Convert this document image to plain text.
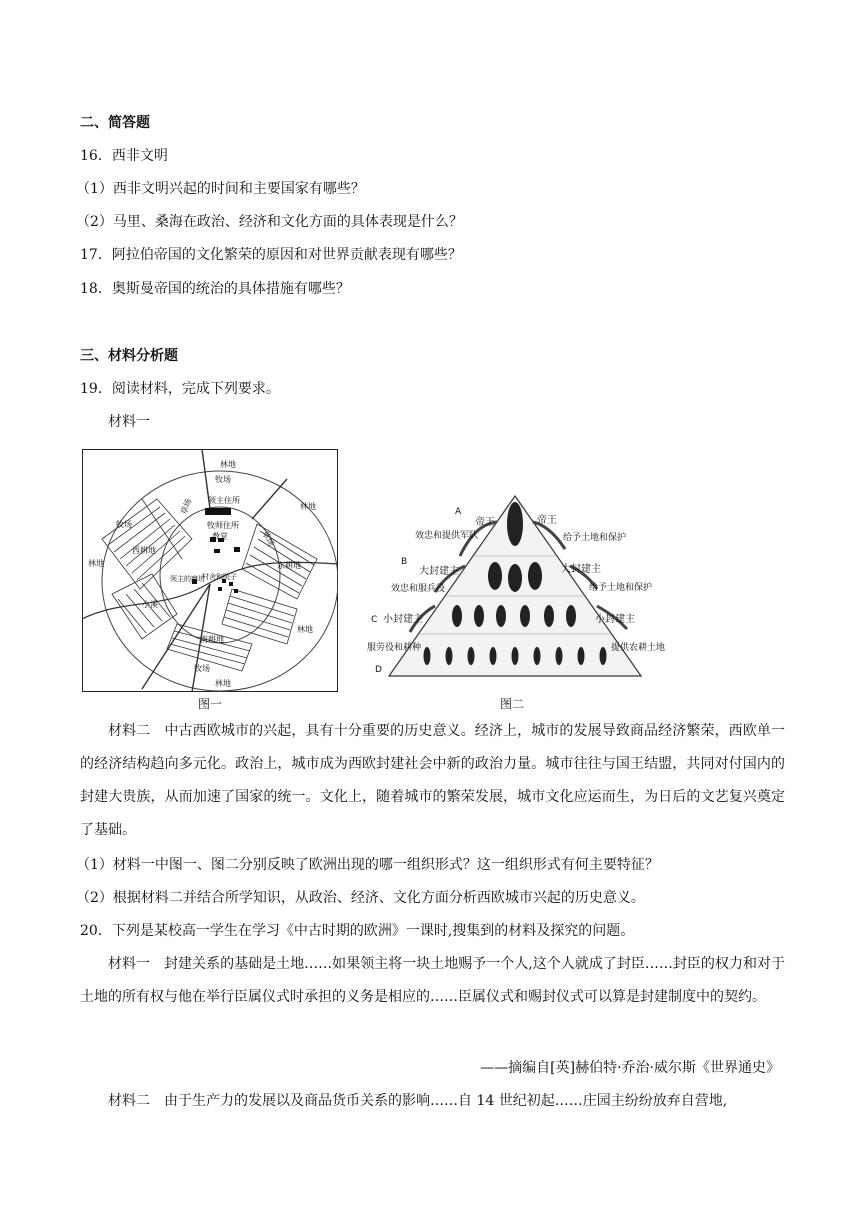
二、简答题
16．西非文明
（1）西非文明兴起的时间和主要国家有哪些？
（2）马里、桑海在政治、经济和文化方面的具体表现是什么？
17．阿拉伯帝国的文化繁荣的原因和对世界贡献表现有哪些？
18．奥斯曼帝国的统治的具体措施有哪些？
三、材料分析题
19．阅读材料，完成下列要求。
材料一
林地
牧场
领主住所
草场
牧师住所
教堂	草场
林地
牧场
西耕地
林地	东耕地
领主的磨坊
村舍和院子
小溪
林地
南耕地
牧场
林地
图一
A
B
C
D
效忠和提供军队
帝王	帝王
给予土地和保护
大封建主	大封建主
效忠和服兵役	给予土地和保护
小封建主	小封建主
提供农耕土地
服劳役和耕种
图二
材料二　中古西欧城市的兴起，具有十分重要的历史意义。经济上，城市的发展导致商品经济繁荣，西欧单一的经济结构趋向多元化。政治上，城市成为西欧封建社会中新的政治力量。城市往往与国王结盟，共同对付国内的封建大贵族，从而加速了国家的统一。文化上，随着城市的繁荣发展，城市文化应运而生，为日后的文艺复兴奠定了基础。
（1）材料一中图一、图二分别反映了欧洲出现的哪一组织形式？这一组织形式有何主要特征？
（2）根据材料二并结合所学知识，从政治、经济、文化方面分析西欧城市兴起的历史意义。
20．下列是某校高一学生在学习《中古时期的欧洲》一课时,搜集到的材料及探究的问题。
材料一　封建关系的基础是土地……如果领主将一块土地赐予一个人,这个人就成了封臣……封臣的权力和对于土地的所有权与他在举行臣属仪式时承担的义务是相应的……臣属仪式和赐封仪式可以算是封建制度中的契约。
——摘编自[英]赫伯特·乔治·威尔斯《世界通史》
材料二　由于生产力的发展以及商品货币关系的影响……自 14 世纪初起……庄园主纷纷放弃自营地,
